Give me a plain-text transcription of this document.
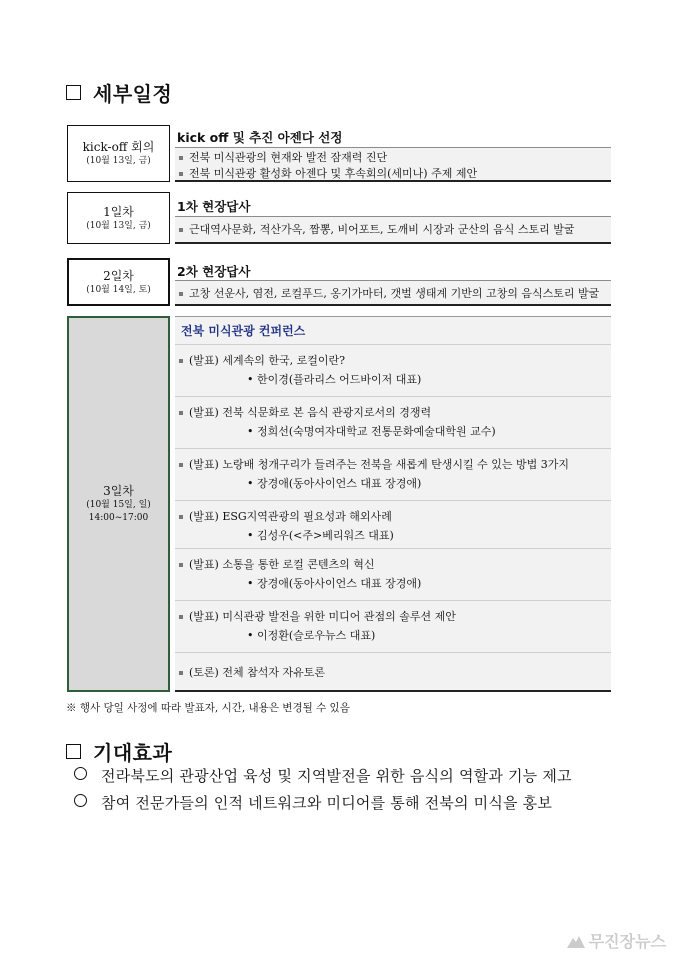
세부일정
kick-off 회의
(10월 13일, 금)
kick off 및 추진 아젠다 선정
전북 미식관광의 현재와 발전 잠재력 진단
전북 미식관광 활성화 아젠다 및 후속회의(세미나) 주제 제안
1일차
(10월 13일, 금)
1차 현장답사
근대역사문화, 적산가옥, 짬뽕, 비어포트, 도깨비 시장과 군산의 음식 스토리 발굴
2일차
(10월 14일, 토)
2차 현장답사
고창 선운사, 염전, 로컬푸드, 옹기가마터, 갯벌 생태계 기반의 고창의 음식스토리 발굴
3일차
(10월 15일, 일)
14:00~17:00
전북 미식관광 컨퍼런스
(발표) 세계속의 한국, 로컬이란?
• 한이경(플라리스 어드바이저 대표)
(발표) 전북 식문화로 본 음식 관광지로서의 경쟁력
• 정희선(숙명여자대학교 전통문화예술대학원 교수)
(발표) 노랑배 청개구리가 들려주는 전북을 새롭게 탄생시킬 수 있는 방법 3가지
• 장경애(동아사이언스 대표 장경애)
(발표) ESG지역관광의 필요성과 해외사례
• 김성우(<주>베리워즈 대표)
(발표) 소통을 통한 로컬 콘텐츠의 혁신
• 장경애(동아사이언스 대표 장경애)
(발표) 미식관광 발전을 위한 미디어 관점의 솔루션 제안
• 이정환(슬로우뉴스 대표)
(토론) 전체 참석자 자유토론
※ 행사 당일 사정에 따라 발표자, 시간, 내용은 변경될 수 있음
기대효과
전라북도의 관광산업 육성 및 지역발전을 위한 음식의 역할과 기능 제고
참여 전문가들의 인적 네트워크와 미디어를 통해 전북의 미식을 홍보
무진장뉴스
